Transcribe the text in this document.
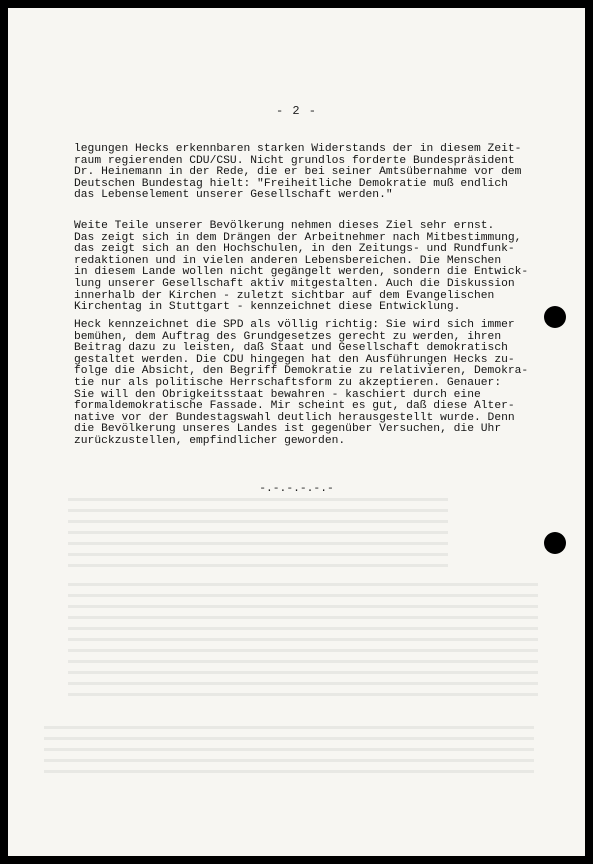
- 2 -
legungen Hecks erkennbaren starken Widerstands der in diesem Zeit-
raum regierenden CDU/CSU. Nicht grundlos forderte Bundespräsident
Dr. Heinemann in der Rede, die er bei seiner Amtsübernahme vor dem
Deutschen Bundestag hielt: "Freiheitliche Demokratie muß endlich
das Lebenselement unserer Gesellschaft werden."
Weite Teile unserer Bevölkerung nehmen dieses Ziel sehr ernst.
Das zeigt sich in dem Drängen der Arbeitnehmer nach Mitbestimmung,
das zeigt sich an den Hochschulen, in den Zeitungs- und Rundfunk-
redaktionen und in vielen anderen Lebensbereichen. Die Menschen
in diesem Lande wollen nicht gegängelt werden, sondern die Entwick-
lung unserer Gesellschaft aktiv mitgestalten. Auch die Diskussion
innerhalb der Kirchen - zuletzt sichtbar auf dem Evangelischen
Kirchentag in Stuttgart - kennzeichnet diese Entwicklung.
Heck kennzeichnet die SPD als völlig richtig: Sie wird sich immer
bemühen, dem Auftrag des Grundgesetzes gerecht zu werden, ihren
Beitrag dazu zu leisten, daß Staat und Gesellschaft demokratisch
gestaltet werden. Die CDU hingegen hat den Ausführungen Hecks zu-
folge die Absicht, den Begriff Demokratie zu relativieren, Demokra-
tie nur als politische Herrschaftsform zu akzeptieren. Genauer:
Sie will den Obrigkeitsstaat bewahren - kaschiert durch eine
formaldemokratische Fassade. Mir scheint es gut, daß diese Alter-
native vor der Bundestagswahl deutlich herausgestellt wurde. Denn
die Bevölkerung unseres Landes ist gegenüber Versuchen, die Uhr
zurückzustellen, empfindlicher geworden.
-.-.-.-.-.-
